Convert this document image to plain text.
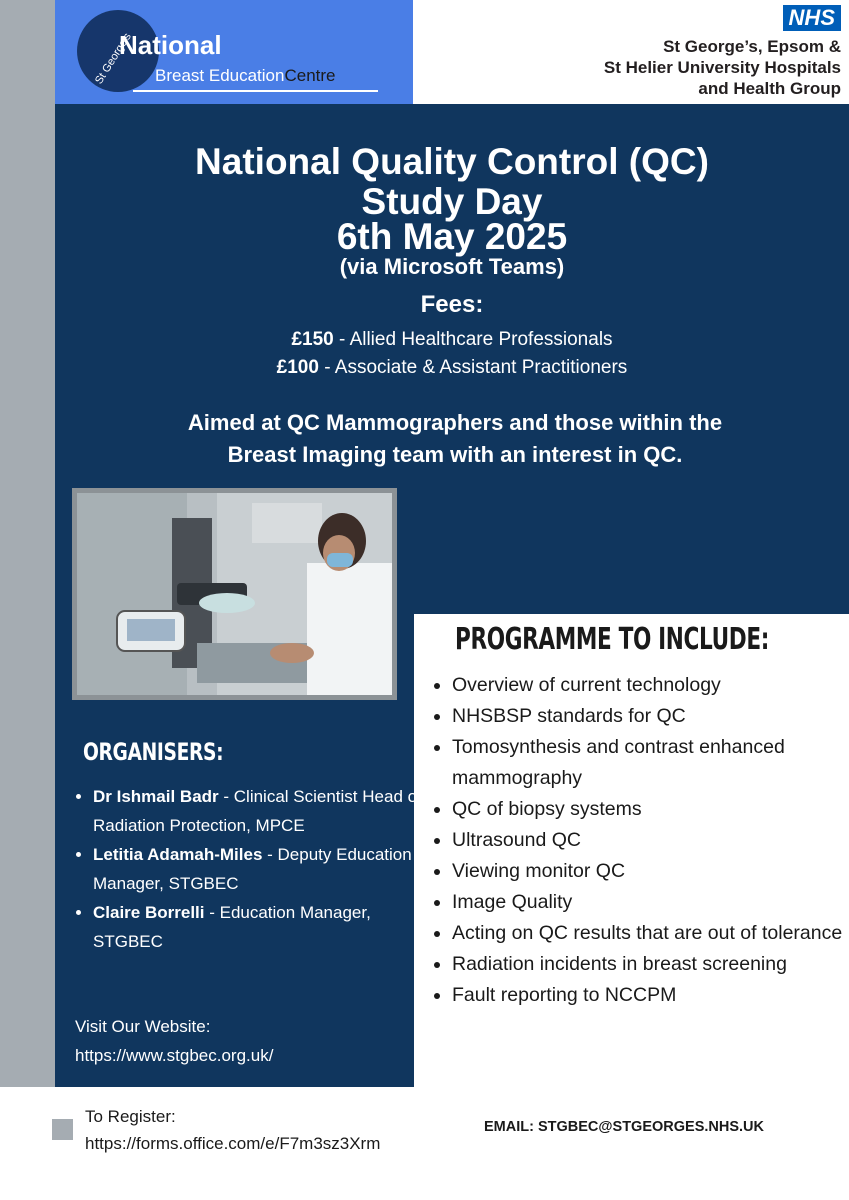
St George's
National
Breast EducationCentre
NHS
St George’s, Epsom &
St Helier University Hospitals
and Health Group
National Quality Control (QC)
Study Day
6th May 2025
(via Microsoft Teams)
Fees:
£150 - Allied Healthcare Professionals
£100 - Associate & Assistant Practitioners
Aimed at QC Mammographers and those within the
Breast Imaging team with an interest in QC.
ORGANISERS:
• Dr Ishmail Badr - Clinical Scientist Head of Radiation Protection, MPCE
• Letitia Adamah-Miles - Deputy Education Manager, STGBEC
• Claire Borrelli - Education Manager, STGBEC
Visit Our Website:
https://www.stgbec.org.uk/
PROGRAMME TO INCLUDE:
• Overview of current technology
• NHSBSP standards for QC
• Tomosynthesis and contrast enhanced mammography
• QC of biopsy systems
• Ultrasound QC
• Viewing monitor QC
• Image Quality
• Acting on QC results that are out of tolerance
• Radiation incidents in breast screening
• Fault reporting to NCCPM
To Register:
https://forms.office.com/e/F7m3sz3Xrm
EMAIL: STGBEC@STGEORGES.NHS.UK
